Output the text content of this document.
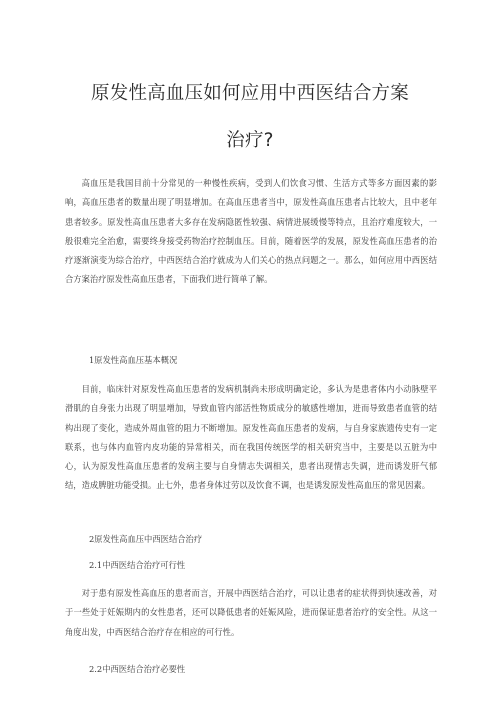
原发性高血压如何应用中西医结合方案
治疗?

高血压是我国目前十分常见的一种慢性疾病，受到人们饮食习惯、生活方式等多方面因素的影响，高血压患者的数量出现了明显增加。在高血压患者当中，原发性高血压患者占比较大，且中老年患者较多。原发性高血压患者大多存在发病隐匿性较强、病情进展缓慢等特点，且治疗难度较大，一般很难完全治愈，需要终身接受药物治疗控制血压。目前，随着医学的发展，原发性高血压患者的治疗逐渐演变为综合治疗，中西医结合治疗就成为人们关心的热点问题之一。那么，如何应用中西医结合方案治疗原发性高血压患者，下面我们进行简单了解。

1原发性高血压基本概况

目前，临床针对原发性高血压患者的发病机制尚未形成明确定论，多认为是患者体内小动脉壁平滑肌的自身张力出现了明显增加，导致血管内部活性物质成分的敏感性增加，进而导致患者血管的结构出现了变化，造成外周血管的阻力不断增加。原发性高血压患者的发病，与自身家族遗传史有一定联系，也与体内血管内皮功能的异常相关，而在我国传统医学的相关研究当中，主要是以五脏为中心，认为原发性高血压患者的发病主要与自身情志失调相关，患者出现情志失调，进而诱发肝气郁结，造成脾脏功能受损。止七外，患者身体过劳以及饮食不调，也是诱发原发性高血压的常见因素。

2原发性高血压中西医结合治疗

2.1中西医结合治疗可行性

对于患有原发性高血压的患者而言，开展中西医结合治疗，可以让患者的症状得到快速改善，对于一些处于妊娠期内的女性患者，还可以降低患者的妊娠风险，进而保证患者治疗的安全性。从这一角度出发，中西医结合治疗存在相应的可行性。

2.2中西医结合治疗必要性
